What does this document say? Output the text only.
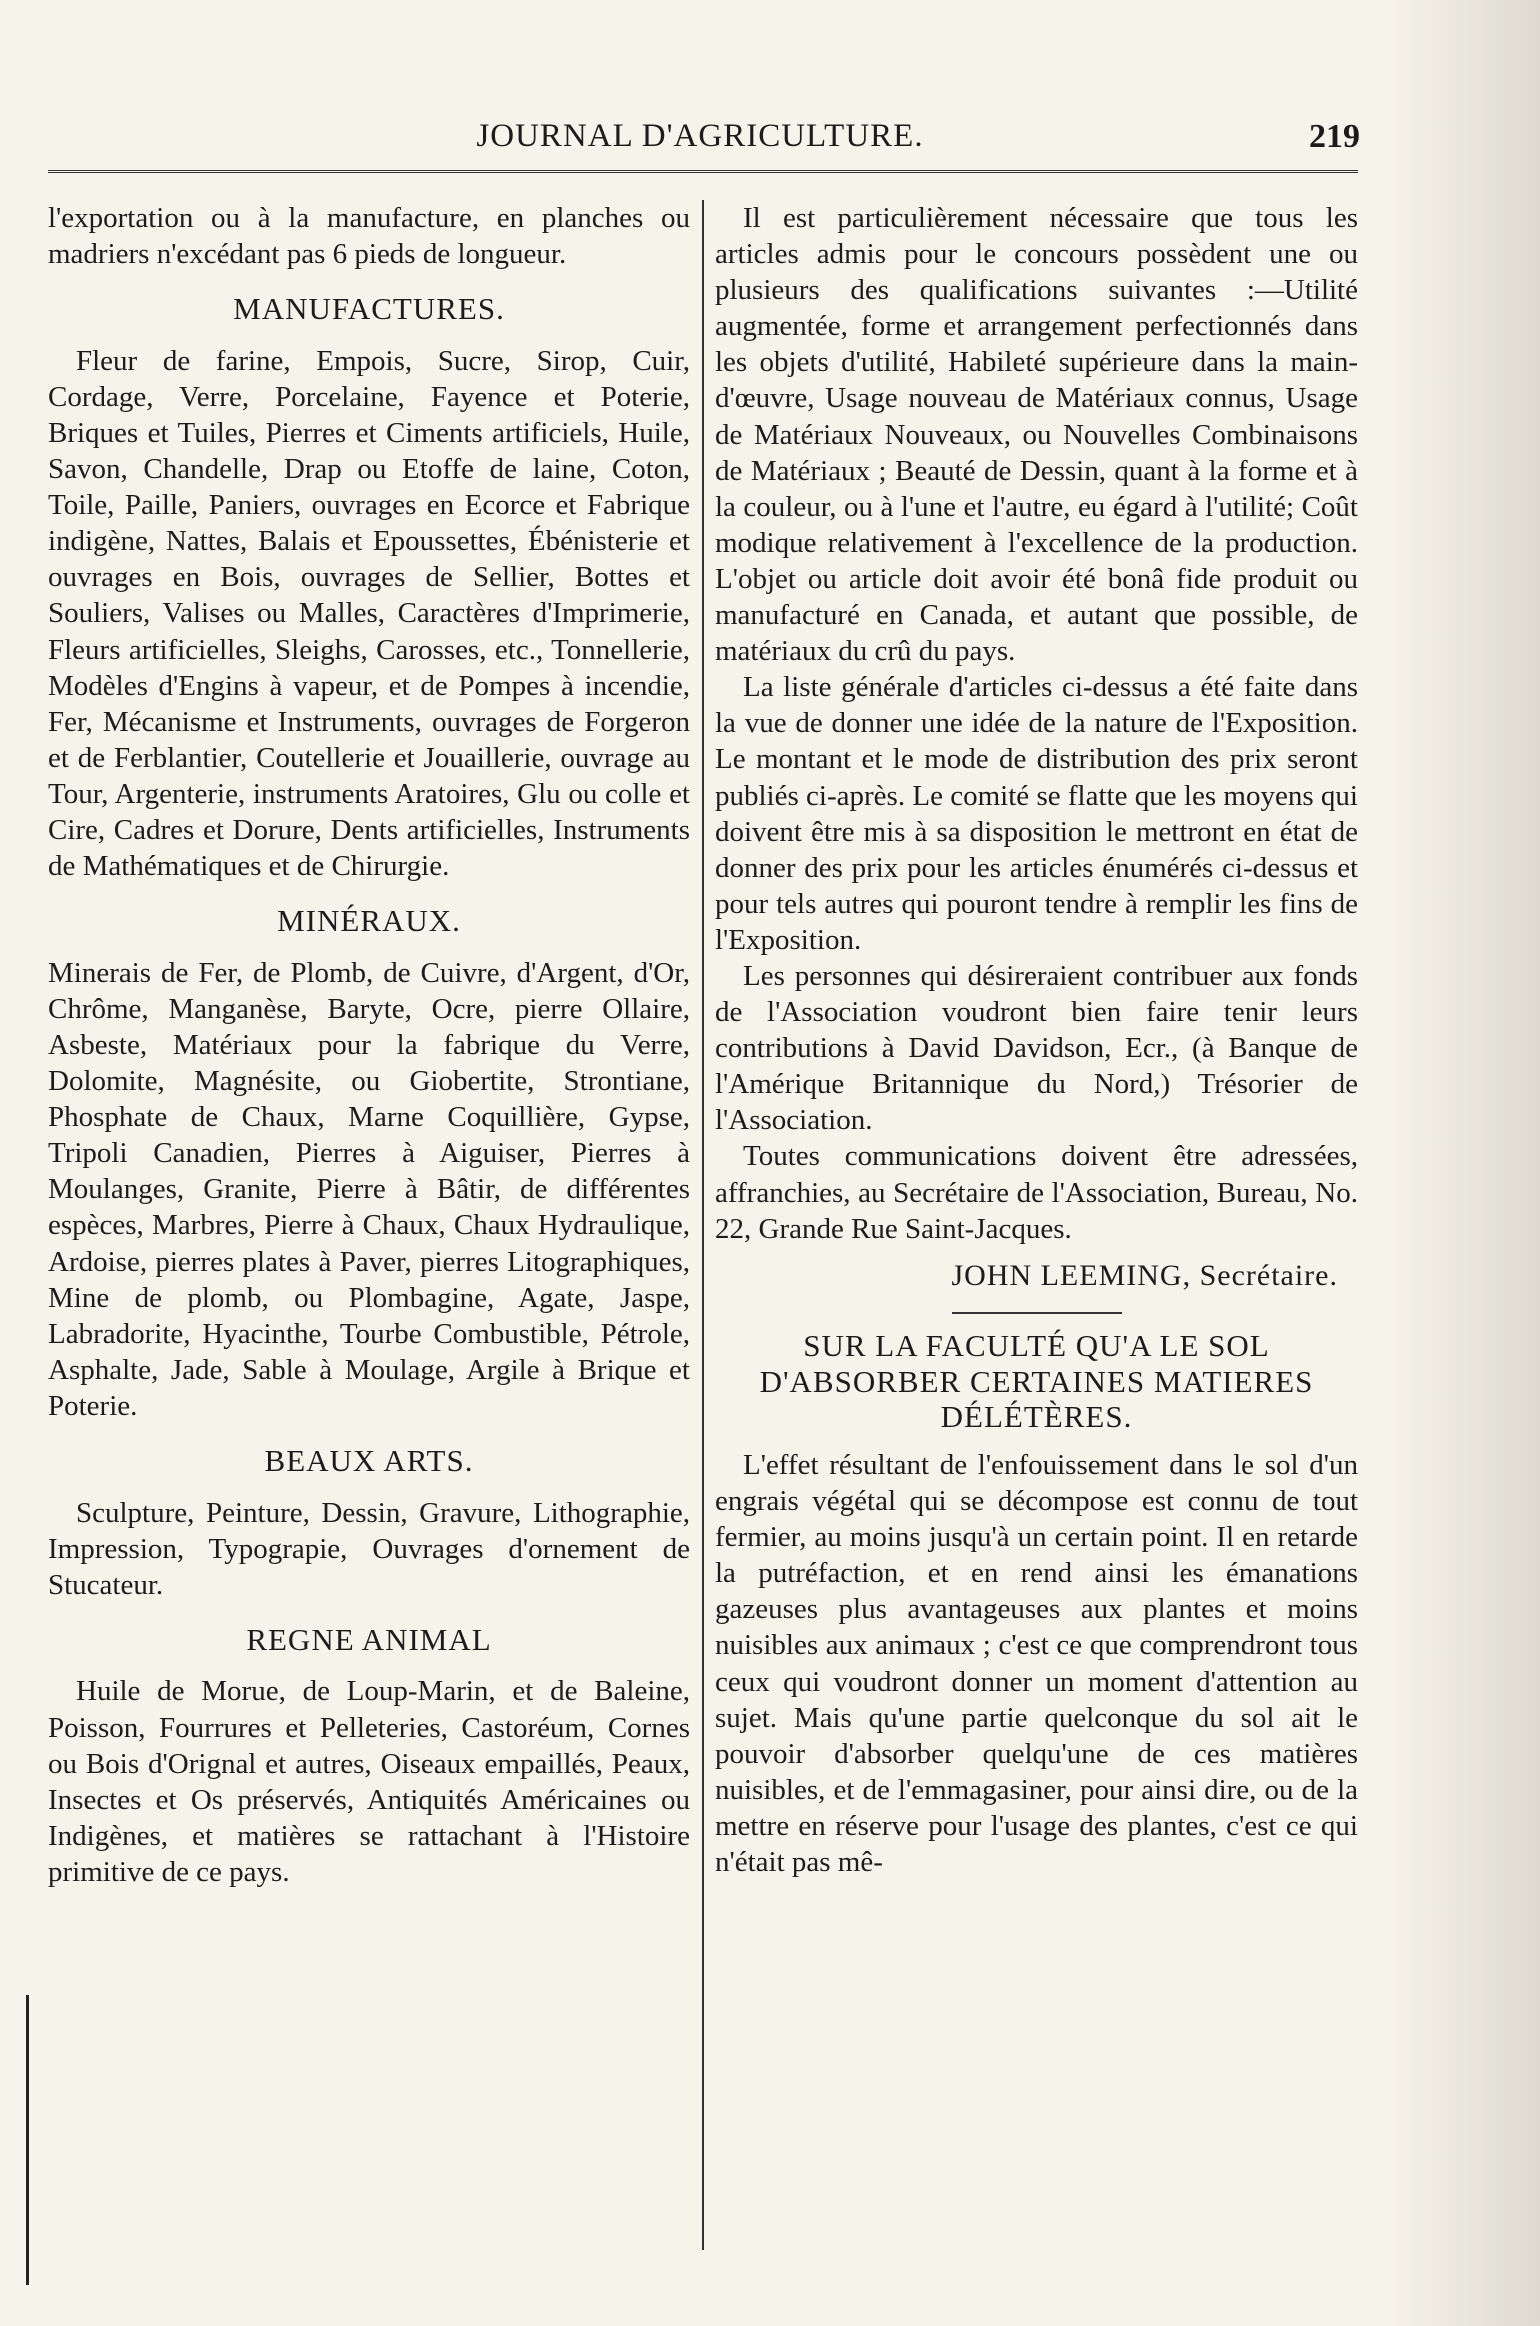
JOURNAL D'AGRICULTURE.	219

l'exportation ou à la manufacture, en planches ou madriers n'excédant pas 6 pieds de longueur.

MANUFACTURES.

Fleur de farine, Empois, Sucre, Sirop, Cuir, Cordage, Verre, Porcelaine, Fayence et Poterie, Briques et Tuiles, Pierres et Ciments artificiels, Huile, Savon, Chandelle, Drap ou Etoffe de laine, Coton, Toile, Paille, Paniers, ouvrages en Ecorce et Fabrique indigène, Nattes, Balais et Epoussettes, Ébénisterie et ouvrages en Bois, ouvrages de Sellier, Bottes et Souliers, Valises ou Malles, Caractères d'Imprimerie, Fleurs artificielles, Sleighs, Carosses, etc., Tonnellerie, Modèles d'Engins à vapeur, et de Pompes à incendie, Fer, Mécanisme et Instruments, ouvrages de Forgeron et de Ferblantier, Coutellerie et Jouaillerie, ouvrage au Tour, Argenterie, instruments Aratoires, Glu ou colle et Cire, Cadres et Dorure, Dents artificielles, Instruments de Mathématiques et de Chirurgie.

MINÉRAUX.

Minerais de Fer, de Plomb, de Cuivre, d'Argent, d'Or, Chrôme, Manganèse, Baryte, Ocre, pierre Ollaire, Asbeste, Matériaux pour la fabrique du Verre, Dolomite, Magnésite, ou Giobertite, Strontiane, Phosphate de Chaux, Marne Coquillière, Gypse, Tripoli Canadien, Pierres à Aiguiser, Pierres à Moulanges, Granite, Pierre à Bâtir, de différentes espèces, Marbres, Pierre à Chaux, Chaux Hydraulique, Ardoise, pierres plates à Paver, pierres Litographiques, Mine de plomb, ou Plombagine, Agate, Jaspe, Labradorite, Hyacinthe, Tourbe Combustible, Pétrole, Asphalte, Jade, Sable à Moulage, Argile à Brique et Poterie.

BEAUX ARTS.

Sculpture, Peinture, Dessin, Gravure, Lithographie, Impression, Typograpie, Ouvrages d'ornement de Stucateur.

REGNE ANIMAL

Huile de Morue, de Loup-Marin, et de Baleine, Poisson, Fourrures et Pelleteries, Castoréum, Cornes ou Bois d'Orignal et autres, Oiseaux empaillés, Peaux, Insectes et Os préservés, Antiquités Américaines ou Indigènes, et matières se rattachant à l'Histoire primitive de ce pays.

Il est particulièrement nécessaire que tous les articles admis pour le concours possèdent une ou plusieurs des qualifications suivantes :—Utilité augmentée, forme et arrangement perfectionnés dans les objets d'utilité, Habileté supérieure dans la main-d'œuvre, Usage nouveau de Matériaux connus, Usage de Matériaux Nouveaux, ou Nouvelles Combinaisons de Matériaux ; Beauté de Dessin, quant à la forme et à la couleur, ou à l'une et l'autre, eu égard à l'utilité; Coût modique relativement à l'excellence de la production. L'objet ou article doit avoir été bonâ fide produit ou manufacturé en Canada, et autant que possible, de matériaux du crû du pays.

La liste générale d'articles ci-dessus a été faite dans la vue de donner une idée de la nature de l'Exposition. Le montant et le mode de distribution des prix seront publiés ci-après. Le comité se flatte que les moyens qui doivent être mis à sa disposition le mettront en état de donner des prix pour les articles énumérés ci-dessus et pour tels autres qui pouront tendre à remplir les fins de l'Exposition.

Les personnes qui désireraient contribuer aux fonds de l'Association voudront bien faire tenir leurs contributions à David Davidson, Ecr., (à Banque de l'Amérique Britannique du Nord,) Trésorier de l'Association.

Toutes communications doivent être adressées, affranchies, au Secrétaire de l'Association, Bureau, No. 22, Grande Rue Saint-Jacques.

JOHN LEEMING, Secrétaire.
SUR LA FACULTÉ QU'A LE SOL D'ABSORBER CERTAINES MATIERES DÉLÉTÈRES.

L'effet résultant de l'enfouissement dans le sol d'un engrais végétal qui se décompose est connu de tout fermier, au moins jusqu'à un certain point. Il en retarde la putréfaction, et en rend ainsi les émanations gazeuses plus avantageuses aux plantes et moins nuisibles aux animaux ; c'est ce que comprendront tous ceux qui voudront donner un moment d'attention au sujet. Mais qu'une partie quelconque du sol ait le pouvoir d'absorber quelqu'une de ces matières nuisibles, et de l'emmagasiner, pour ainsi dire, ou de la mettre en réserve pour l'usage des plantes, c'est ce qui n'était pas mê-
